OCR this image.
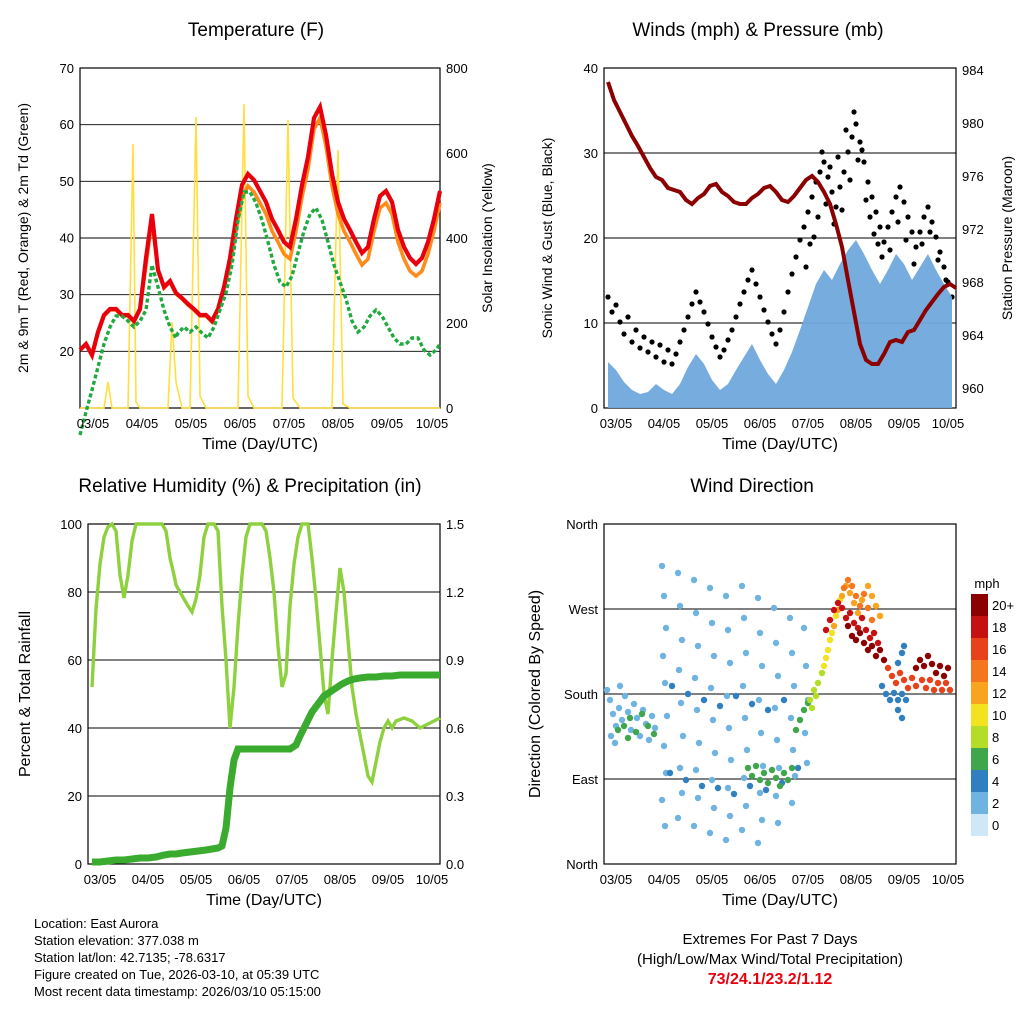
Temperature (F)
20
30
40
50
60
70
0
200
400
600
800
03/05 04/05 05/05 06/05 07/05 08/05 09/05 10/05
Time (Day/UTC)
2m & 9m T (Red, Orange) & 2m Td (Green)	Solar Insolation (Yellow)
Winds (mph) & Pressure (mb)
0
10
20
30
40
960
964
968
972
976
980
984
03/05 04/05 05/05 06/05 07/05 08/05 09/05 10/05
Time (Day/UTC)
Sonic Wind & Gust (Blue, Black)	Station Pressure (Maroon)
Relative Humidity (%) & Precipitation (in)
0
20
40
60
80
100
0.0
0.3
0.6
0.9
1.2
1.5
03/05 04/05 05/05 06/05 07/05 08/05 09/05 10/05
Time (Day/UTC)
Percent & Total Rainfall
Wind Direction
North
East
South
West
North
03/05 04/05 05/05 06/05 07/05 08/05 09/05 10/05
Time (Day/UTC)
Direction (Colored By Speed)
mph
20+
18
16
14
12
10
8
6
4
2
0
Location: East Aurora
Station elevation: 377.038 m
Station lat/lon: 42.7135; -78.6317
Figure created on Tue, 2026-03-10, at 05:39 UTC
Most recent data timestamp: 2026/03/10 05:15:00
Extremes For Past 7 Days
(High/Low/Max Wind/Total Precipitation)
73/24.1/23.2/1.12
